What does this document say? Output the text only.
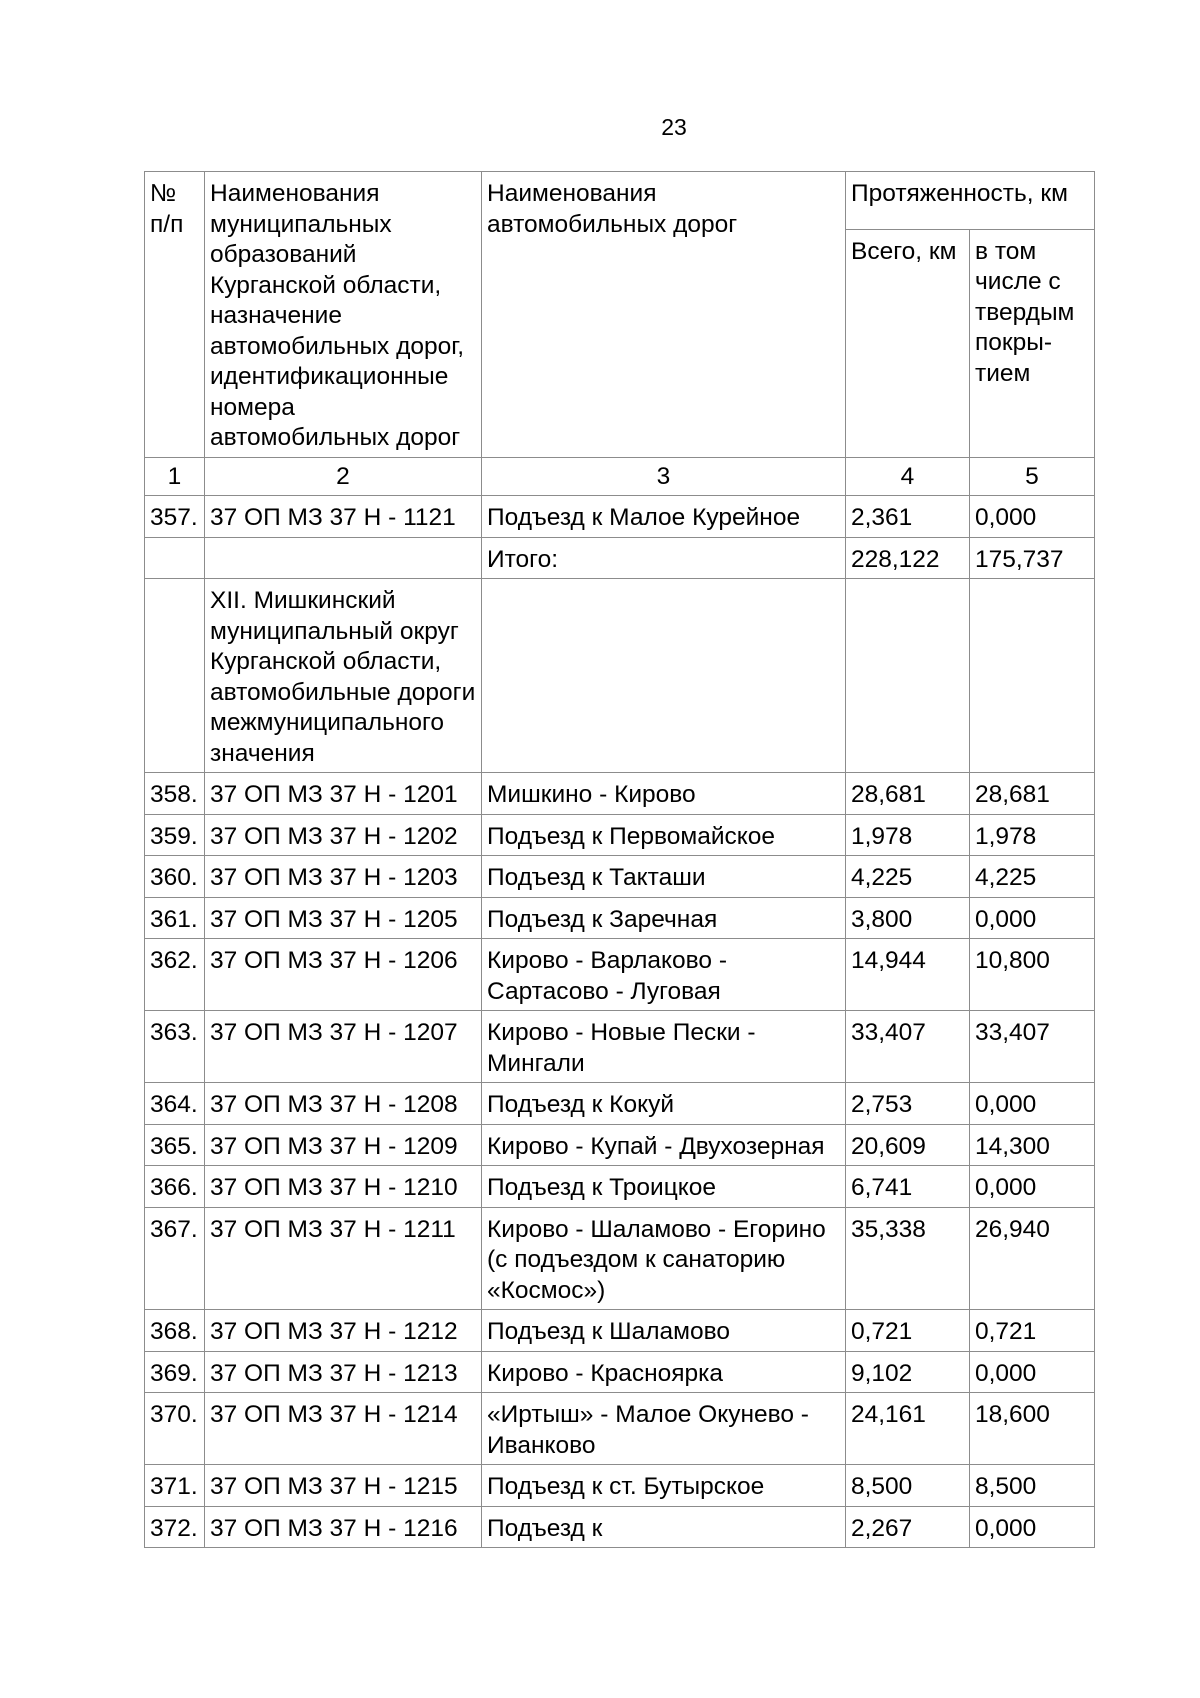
23
№ п/п	Наименования муниципальных образований Курганской области, назначение автомобильных дорог, идентификационные номера автомобильных дорог	Наименования автомобильных дорог	Протяженность, км	
			Всего, км	в том числе с твердым покры-тием
1	2	3	4	5
357.	37 ОП МЗ 37 Н - 1121	Подъезд к Малое Курейное	2,361	0,000
		Итого:	228,122	175,737
	XII. Мишкинский муниципальный округ Курганской области, автомобильные дороги межмуниципального значения			
358.	37 ОП МЗ 37 Н - 1201	Мишкино - Кирово	28,681	28,681
359.	37 ОП МЗ 37 Н - 1202	Подъезд к Первомайское	1,978	1,978
360.	37 ОП МЗ 37 Н - 1203	Подъезд к Такташи	4,225	4,225
361.	37 ОП МЗ 37 Н - 1205	Подъезд к Заречная	3,800	0,000
362.	37 ОП МЗ 37 Н - 1206	Кирово - Варлаково - Сартасово - Луговая	14,944	10,800
363.	37 ОП МЗ 37 Н - 1207	Кирово - Новые Пески - Мингали	33,407	33,407
364.	37 ОП МЗ 37 Н - 1208	Подъезд к Кокуй	2,753	0,000
365.	37 ОП МЗ 37 Н - 1209	Кирово - Купай - Двухозерная	20,609	14,300
366.	37 ОП МЗ 37 Н - 1210	Подъезд к Троицкое	6,741	0,000
367.	37 ОП МЗ 37 Н - 1211	Кирово - Шаламово - Егорино (с подъездом к санаторию «Космос»)	35,338	26,940
368.	37 ОП МЗ 37 Н - 1212	Подъезд к Шаламово	0,721	0,721
369.	37 ОП МЗ 37 Н - 1213	Кирово - Красноярка	9,102	0,000
370.	37 ОП МЗ 37 Н - 1214	«Иртыш» - Малое Окунево - Иванково	24,161	18,600
371.	37 ОП МЗ 37 Н - 1215	Подъезд к ст. Бутырское	8,500	8,500
372.	37 ОП МЗ 37 Н - 1216	Подъезд к	2,267	0,000
